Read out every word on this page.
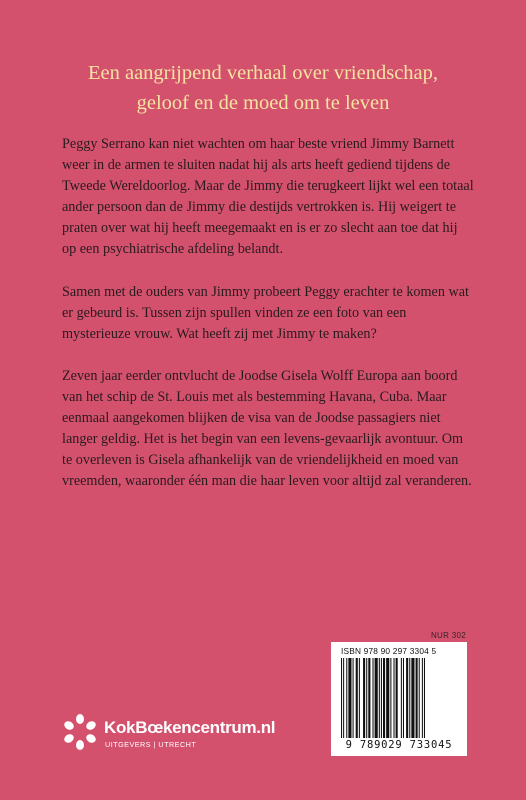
Een aangrijpend verhaal over vriendschap,
geloof en de moed om te leven

Peggy Serrano kan niet wachten om haar beste vriend Jimmy Barnett weer in de armen te sluiten nadat hij als arts heeft gediend tijdens de Tweede Wereldoorlog. Maar de Jimmy die terugkeert lijkt wel een totaal ander persoon dan de Jimmy die destijds vertrokken is. Hij weigert te praten over wat hij heeft meegemaakt en is er zo slecht aan toe dat hij op een psychiatrische afdeling belandt.

Samen met de ouders van Jimmy probeert Peggy erachter te komen wat er gebeurd is. Tussen zijn spullen vinden ze een foto van een mysterieuze vrouw. Wat heeft zij met Jimmy te maken?

Zeven jaar eerder ontvlucht de Joodse Gisela Wolff Europa aan boord van het schip de St. Louis met als bestemming Havana, Cuba. Maar eenmaal aangekomen blijken de visa van de Joodse passagiers niet langer geldig. Het is het begin van een levens-gevaarlijk avontuur. Om te overleven is Gisela afhankelijk van de vriendelijkheid en moed van vreemden, waaronder één man die haar leven voor altijd zal veranderen.

NUR 302
ISBN 978 90 297 3304 5
9 789029 733045
KokBœkencentrum.nl
UITGEVERS | UTRECHT
